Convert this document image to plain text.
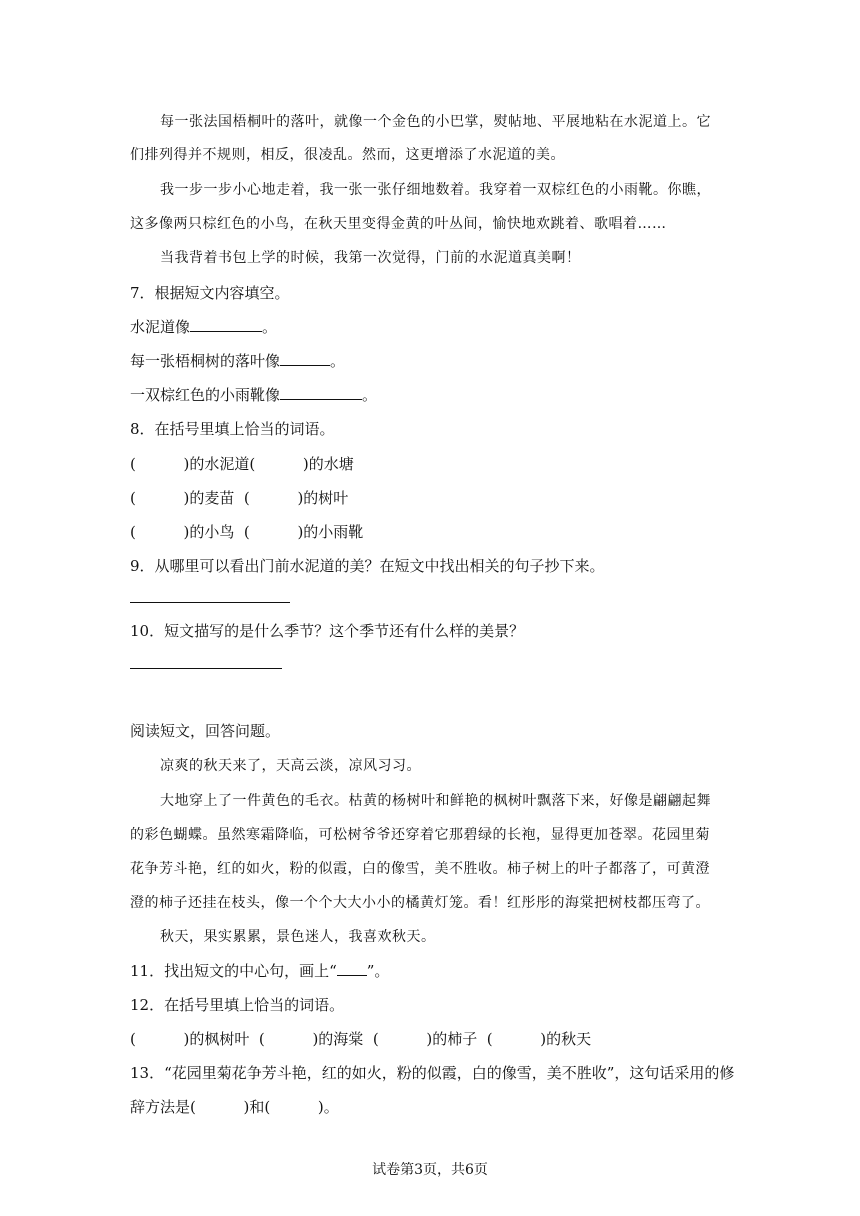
每一张法国梧桐叶的落叶，就像一个金色的小巴掌，熨帖地、平展地粘在水泥道上。它
们排列得并不规则，相反，很凌乱。然而，这更增添了水泥道的美。
我一步一步小心地走着，我一张一张仔细地数着。我穿着一双棕红色的小雨靴。你瞧，
这多像两只棕红色的小鸟，在秋天里变得金黄的叶丛间，愉快地欢跳着、歌唱着……
当我背着书包上学的时候，我第一次觉得，门前的水泥道真美啊！
7．根据短文内容填空。
水泥道像	。
每一张梧桐树的落叶像	。
一双棕红色的小雨靴像	。
8．在括号里填上恰当的词语。
(          )的水泥道(          )的水塘
(          )的麦苗  (          )的树叶
(          )的小鸟  (          )的小雨靴
9．从哪里可以看出门前水泥道的美？在短文中找出相关的句子抄下来。
10．短文描写的是什么季节？这个季节还有什么样的美景？
阅读短文，回答问题。
凉爽的秋天来了，天高云淡，凉风习习。
大地穿上了一件黄色的毛衣。枯黄的杨树叶和鲜艳的枫树叶飘落下来，好像是翩翩起舞
的彩色蝴蝶。虽然寒霜降临，可松树爷爷还穿着它那碧绿的长袍，显得更加苍翠。花园里菊
花争芳斗艳，红的如火，粉的似霞，白的像雪，美不胜收。柿子树上的叶子都落了，可黄澄
澄的柿子还挂在枝头，像一个个大大小小的橘黄灯笼。看！红彤彤的海棠把树枝都压弯了。
秋天，果实累累，景色迷人，我喜欢秋天。
11．找出短文的中心句，画上“ ”。
12．在括号里填上恰当的词语。
(          )的枫树叶  (          )的海棠  (          )的柿子  (          )的秋天
13．“花园里菊花争芳斗艳，红的如火，粉的似霞，白的像雪，美不胜收”，这句话采用的修
辞方法是(          )和(          )。
试卷第3页，共6页
